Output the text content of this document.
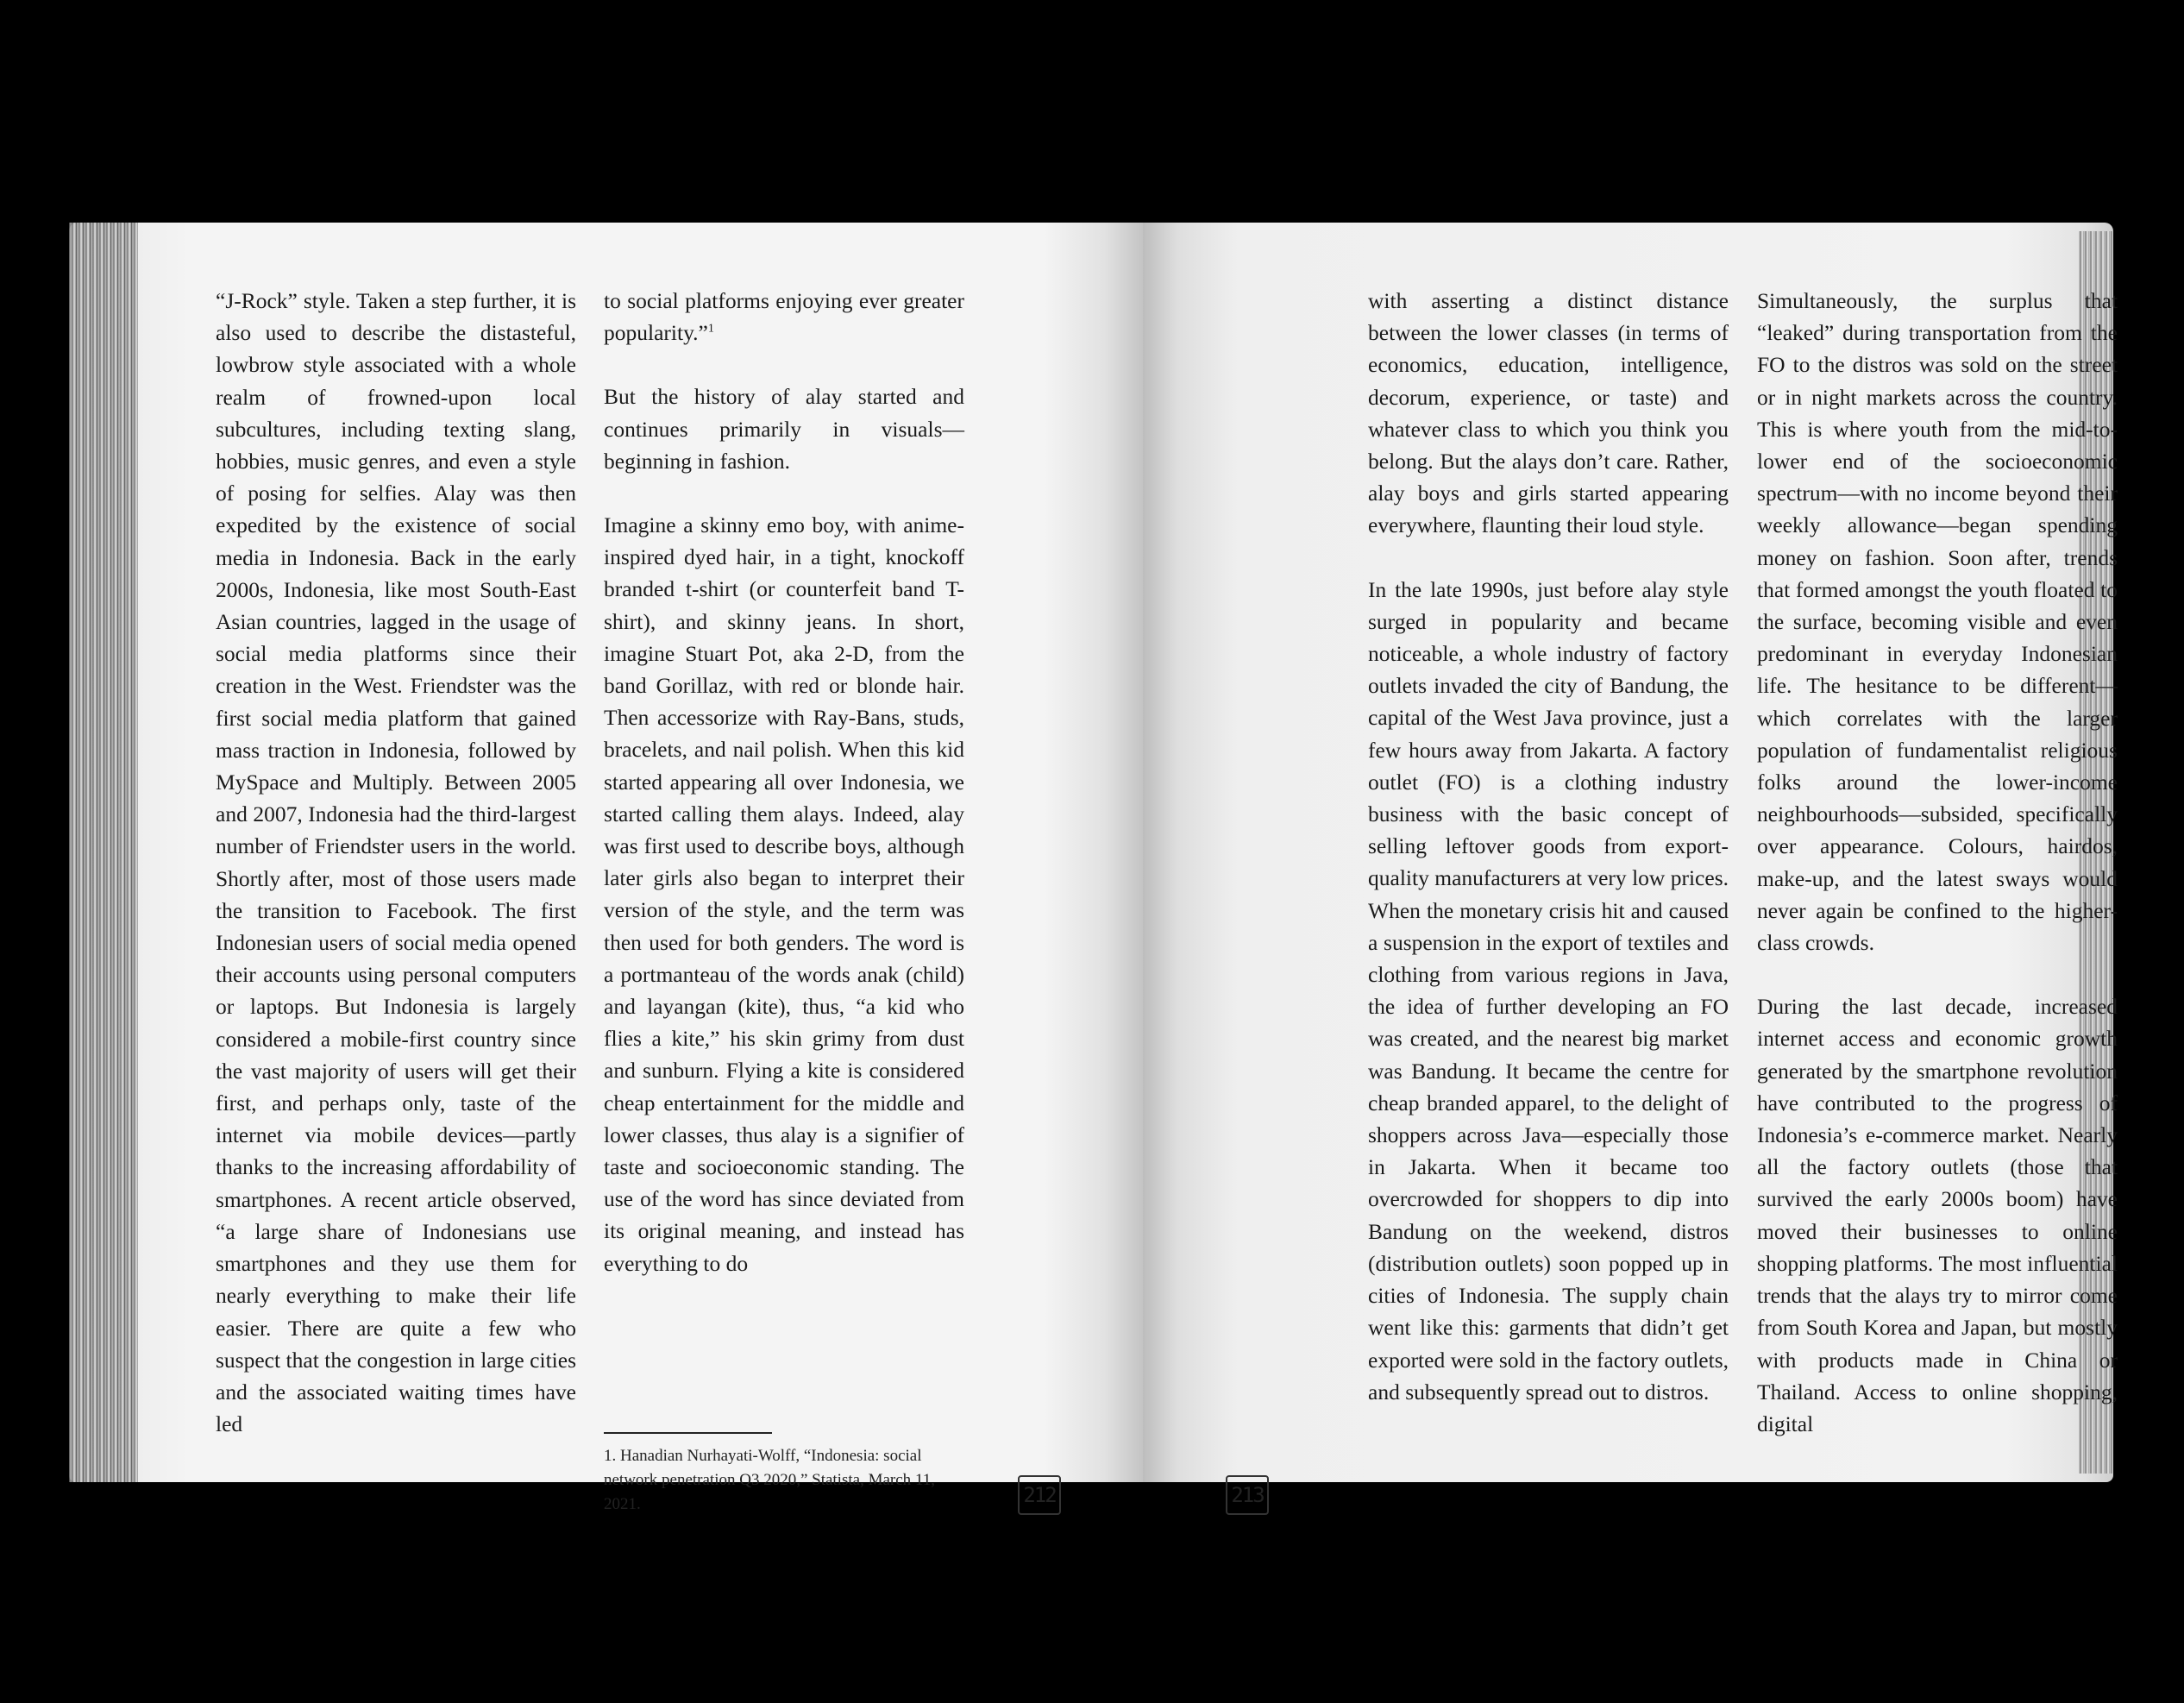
“J-Rock” style. Taken a step further, it is also used to describe the distasteful, lowbrow style associated with a whole realm of frowned-upon local subcultures, including texting slang, hobbies, music genres, and even a style of posing for selfies. Alay was then expedited by the existence of social media in Indonesia. Back in the early 2000s, Indonesia, like most South-East Asian countries, lagged in the usage of social media platforms since their creation in the West. Friendster was the first social media platform that gained mass traction in Indonesia, followed by MySpace and Multiply. Between 2005 and 2007, Indonesia had the third-largest number of Friendster users in the world. Shortly after, most of those users made the transition to Facebook. The first Indonesian users of social media opened their accounts using personal computers or laptops. But Indonesia is largely considered a mobile-first country since the vast majority of users will get their first, and perhaps only, taste of the internet via mobile devices—partly thanks to the increasing affordability of smartphones. A recent article observed, “a large share of Indonesians use smartphones and they use them for nearly everything to make their life easier. There are quite a few who suspect that the congestion in large cities and the associated waiting times have led

to social platforms enjoying ever greater popularity.”$^1$

But the history of alay started and continues primarily in visuals—beginning in fashion.

Imagine a skinny emo boy, with anime-inspired dyed hair, in a tight, knockoff branded t-shirt (or counterfeit band T-shirt), and skinny jeans. In short, imagine Stuart Pot, aka 2-D, from the band Gorillaz, with red or blonde hair. Then accessorize with Ray-Bans, studs, bracelets, and nail polish. When this kid started appearing all over Indonesia, we started calling them alays. Indeed, alay was first used to describe boys, although later girls also began to interpret their version of the style, and the term was then used for both genders. The word is a portmanteau of the words anak (child) and layangan (kite), thus, “a kid who flies a kite,” his skin grimy from dust and sunburn. Flying a kite is considered cheap entertainment for the middle and lower classes, thus alay is a signifier of taste and socioeconomic standing. The use of the word has since deviated from its original meaning, and instead has everything to do

1. Hanadian Nurhayati-Wolff, “Indonesia: social network penetration Q3 2020,” Statista, March 11, 2021.	212

with asserting a distinct distance between the lower classes (in terms of economics, education, intelligence, decorum, experience, or taste) and whatever class to which you think you belong. But the alays don’t care. Rather, alay boys and girls started appearing everywhere, flaunting their loud style.

In the late 1990s, just before alay style surged in popularity and became noticeable, a whole industry of factory outlets invaded the city of Bandung, the capital of the West Java province, just a few hours away from Jakarta. A factory outlet (FO) is a clothing industry business with the basic concept of selling leftover goods from export-quality manufacturers at very low prices. When the monetary crisis hit and caused a suspension in the export of textiles and clothing from various regions in Java, the idea of further developing an FO was created, and the nearest big market was Bandung. It became the centre for cheap branded apparel, to the delight of shoppers across Java—especially those in Jakarta. When it became too overcrowded for shoppers to dip into Bandung on the weekend, distros (distribution outlets) soon popped up in cities of Indonesia. The supply chain went like this: garments that didn’t get exported were sold in the factory outlets, and subsequently spread out to distros.

Simultaneously, the surplus that “leaked” during transportation from the FO to the distros was sold on the street or in night markets across the country. This is where youth from the mid-to-lower end of the socioeconomic spectrum—with no income beyond their weekly allowance—began spending money on fashion. Soon after, trends that formed amongst the youth floated to the surface, becoming visible and even predominant in everyday Indonesian life. The hesitance to be different—which correlates with the larger population of fundamentalist religious folks around the lower-income neighbourhoods—subsided, specifically over appearance. Colours, hairdos, make-up, and the latest sways would never again be confined to the higher-class crowds.

During the last decade, increased internet access and economic growth generated by the smartphone revolution have contributed to the progress of Indonesia’s e-commerce market. Nearly all the factory outlets (those that survived the early 2000s boom) have moved their businesses to online shopping platforms. The most influential trends that the alays try to mirror come from South Korea and Japan, but mostly with products made in China or Thailand. Access to online shopping, digital

213
